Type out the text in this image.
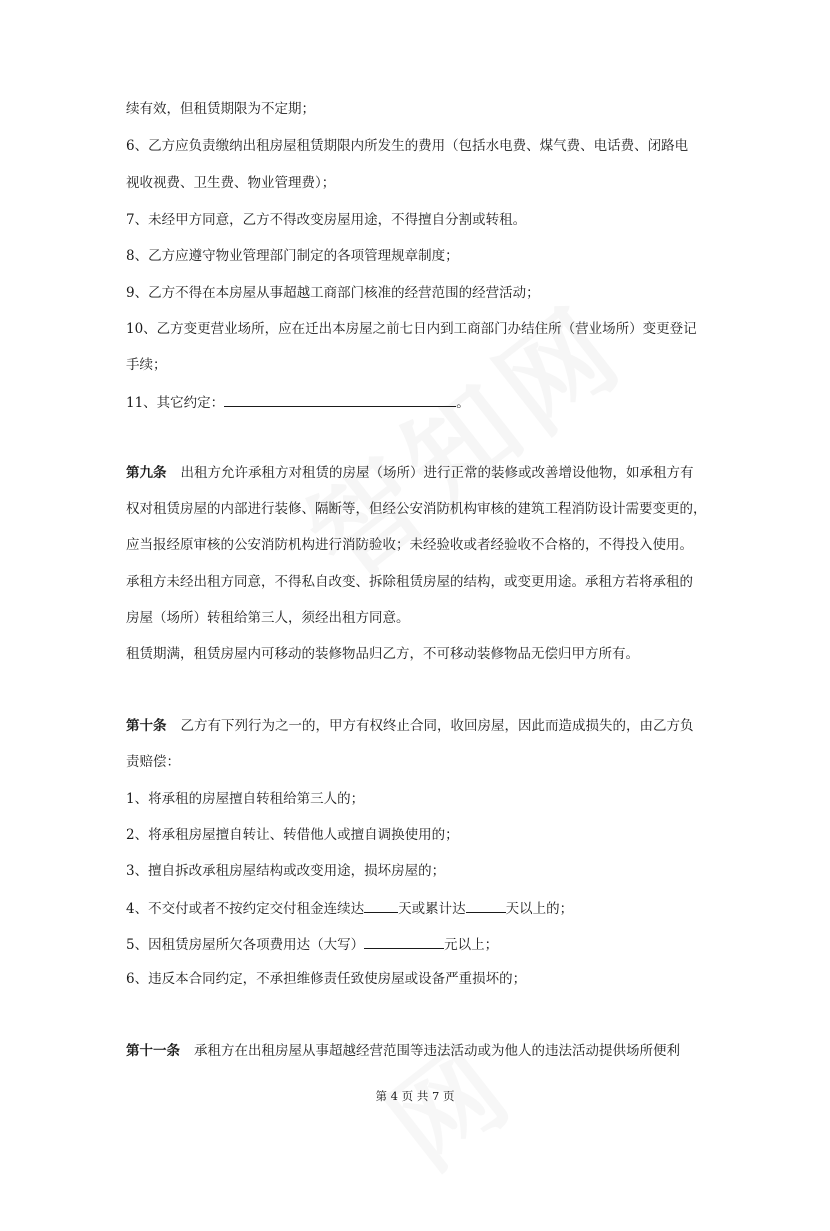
续有效，但租赁期限为不定期；
6、乙方应负责缴纳出租房屋租赁期限内所发生的费用（包括水电费、煤气费、电话费、闭路电
视收视费、卫生费、物业管理费）；
7、未经甲方同意，乙方不得改变房屋用途，不得擅自分割或转租。
8、乙方应遵守物业管理部门制定的各项管理规章制度；
9、乙方不得在本房屋从事超越工商部门核准的经营范围的经营活动；
10、乙方变更营业场所，应在迁出本房屋之前七日内到工商部门办结住所（营业场所）变更登记
手续；
11、其它约定：	。
第九条 出租方允许承租方对租赁的房屋（场所）进行正常的装修或改善增设他物，如承租方有
权对租赁房屋的内部进行装修、隔断等，但经公安消防机构审核的建筑工程消防设计需要变更的，
应当报经原审核的公安消防机构进行消防验收；未经验收或者经验收不合格的，不得投入使用。
承租方未经出租方同意，不得私自改变、拆除租赁房屋的结构，或变更用途。承租方若将承租的
房屋（场所）转租给第三人，须经出租方同意。
租赁期满，租赁房屋内可移动的装修物品归乙方，不可移动装修物品无偿归甲方所有。
第十条 乙方有下列行为之一的，甲方有权终止合同，收回房屋，因此而造成损失的，由乙方负
责赔偿：
1、将承租的房屋擅自转租给第三人的；
2、将承租房屋擅自转让、转借他人或擅自调换使用的；
3、擅自拆改承租房屋结构或改变用途，损坏房屋的；
4、不交付或者不按约定交付租金连续达	天或累计达	天以上的；
5、因租赁房屋所欠各项费用达（大写）	元以上；
6、违反本合同约定，不承担维修责任致使房屋或设备严重损坏的；
第十一条 承租方在出租房屋从事超越经营范围等违法活动或为他人的违法活动提供场所便利
第 4 页 共 7 页
